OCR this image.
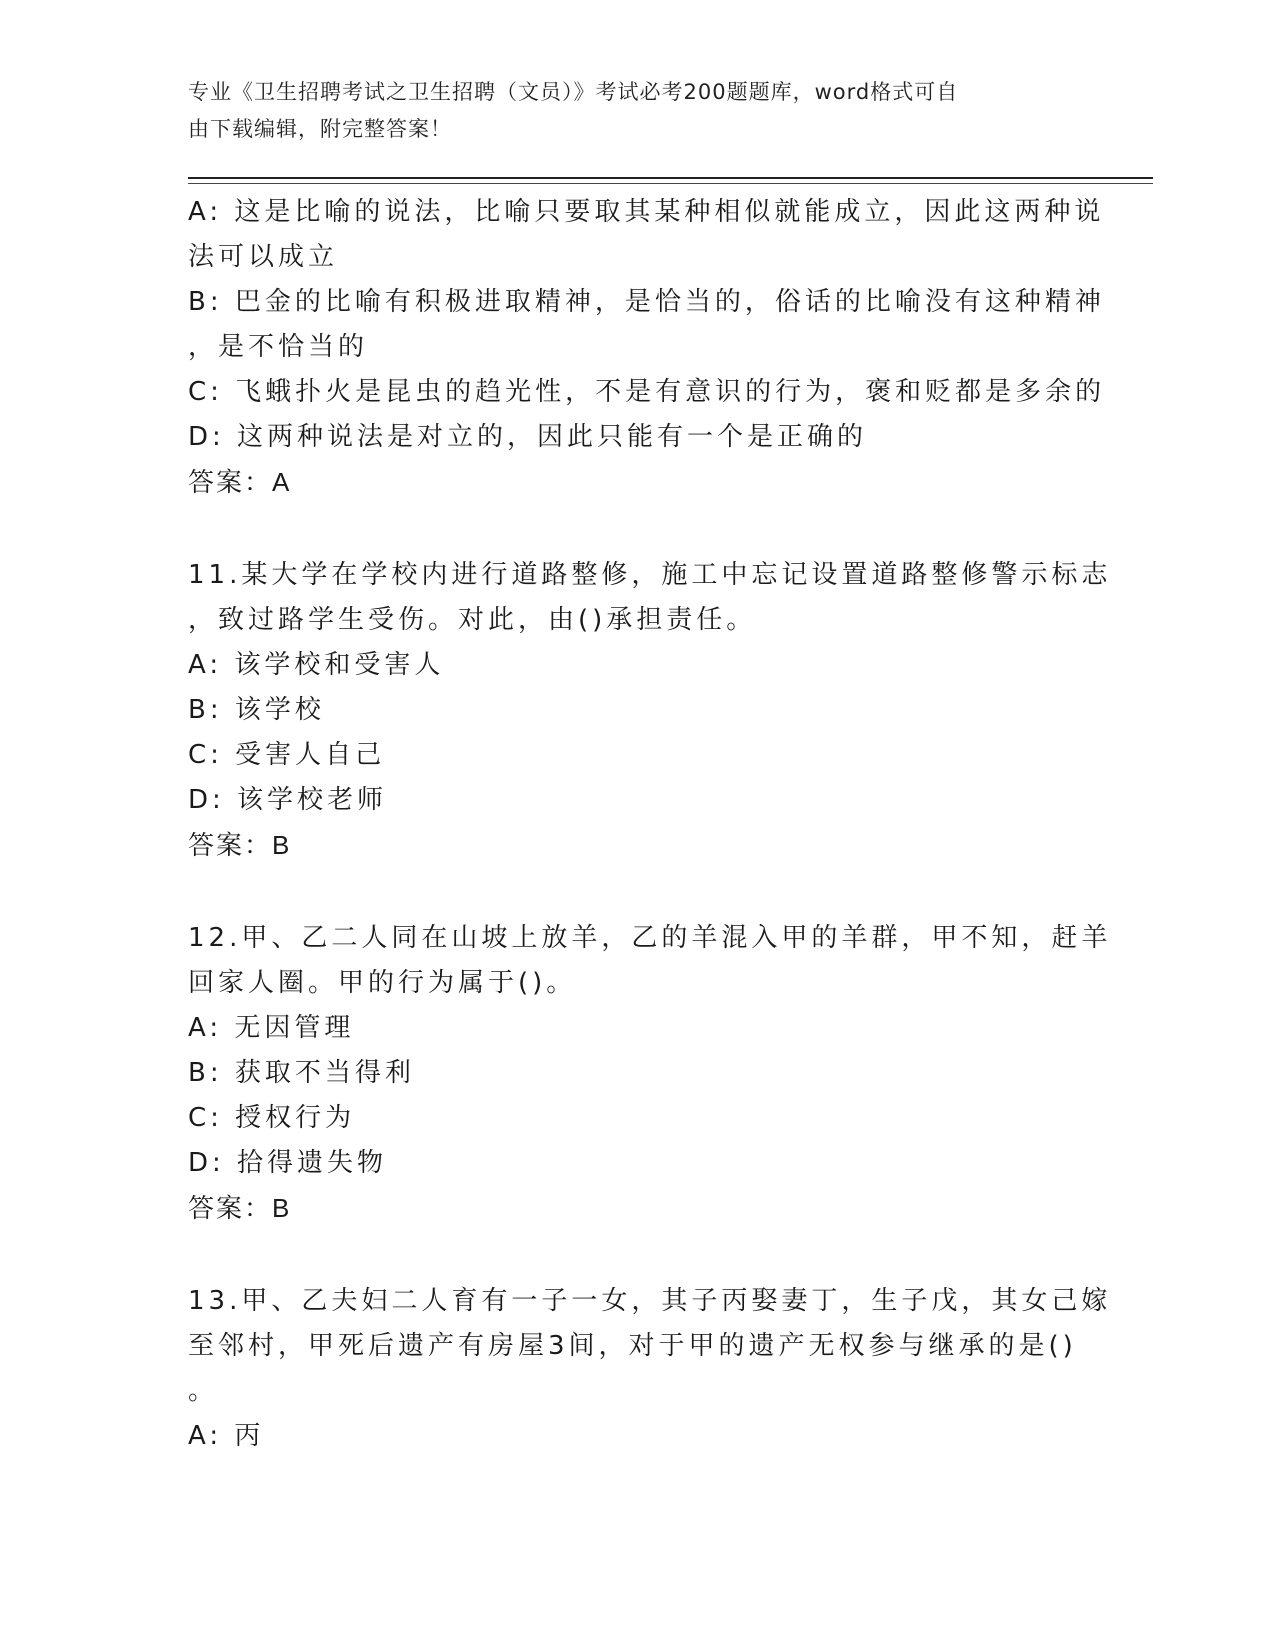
专业《卫生招聘考试之卫生招聘（文员）》考试必考200题题库，word格式可自
由下载编辑，附完整答案！
A: 这是比喻的说法，比喻只要取其某种相似就能成立，因此这两种说
法可以成立
B: 巴金的比喻有积极进取精神，是恰当的，俗话的比喻没有这种精神
，是不恰当的
C: 飞蛾扑火是昆虫的趋光性，不是有意识的行为，褒和贬都是多余的
D: 这两种说法是对立的，因此只能有一个是正确的
答案：A
11.某大学在学校内进行道路整修，施工中忘记设置道路整修警示标志
，致过路学生受伤。对此，由()承担责任。
A: 该学校和受害人
B: 该学校
C: 受害人自己
D: 该学校老师
答案：B
12.甲、乙二人同在山坡上放羊，乙的羊混入甲的羊群，甲不知，赶羊
回家人圈。甲的行为属于()。
A: 无因管理
B: 获取不当得利
C: 授权行为
D: 拾得遗失物
答案：B
13.甲、乙夫妇二人育有一子一女，其子丙娶妻丁，生子戊，其女己嫁
至邻村，甲死后遗产有房屋3间，对于甲的遗产无权参与继承的是()
。
A: 丙
